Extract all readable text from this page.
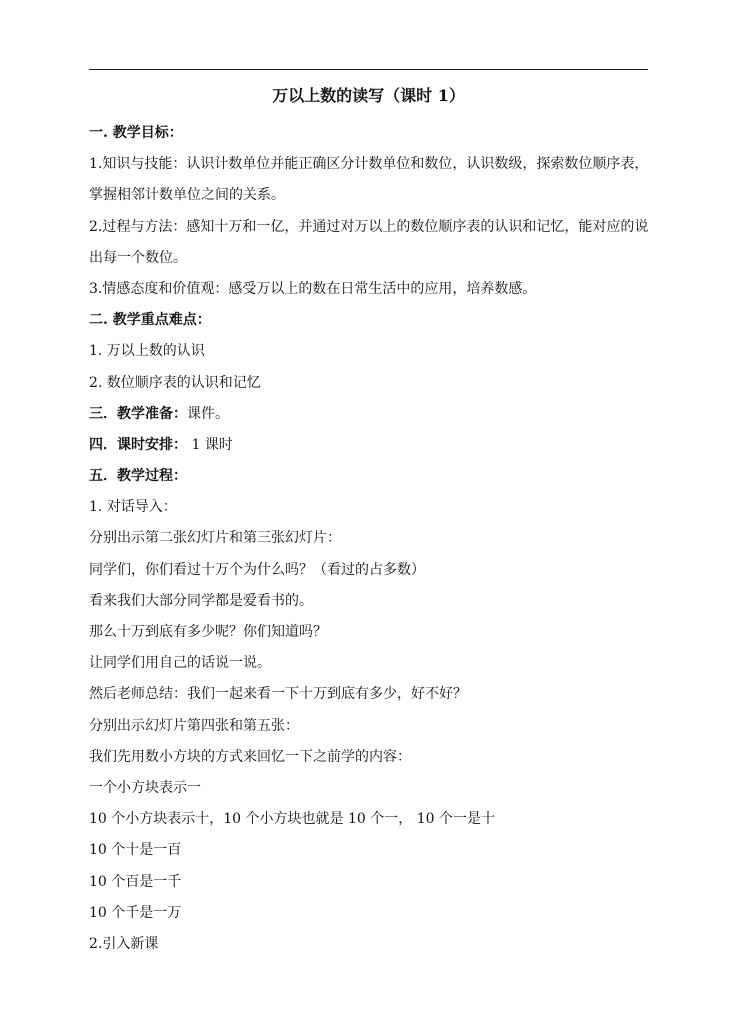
万以上数的读写（课时 1）
一. 教学目标：
1.知识与技能：认识计数单位并能正确区分计数单位和数位，认识数级，探索数位顺序表，
掌握相邻计数单位之间的关系。
2.过程与方法：感知十万和一亿，并通过对万以上的数位顺序表的认识和记忆，能对应的说
出每一个数位。
3.情感态度和价值观：感受万以上的数在日常生活中的应用，培养数感。
二. 教学重点难点：
1. 万以上数的认识
2. 数位顺序表的认识和记忆
三．教学准备：课件。
四．课时安排： 1 课时
五．教学过程：
1. 对话导入：
分别出示第二张幻灯片和第三张幻灯片：
同学们，你们看过十万个为什么吗？（看过的占多数）
看来我们大部分同学都是爱看书的。
那么十万到底有多少呢？你们知道吗？
让同学们用自己的话说一说。
然后老师总结：我们一起来看一下十万到底有多少，好不好？
分别出示幻灯片第四张和第五张：
我们先用数小方块的方式来回忆一下之前学的内容：
一个小方块表示一
10 个小方块表示十，10 个小方块也就是 10 个一， 10 个一是十
10 个十是一百
10 个百是一千
10 个千是一万
2.引入新课
